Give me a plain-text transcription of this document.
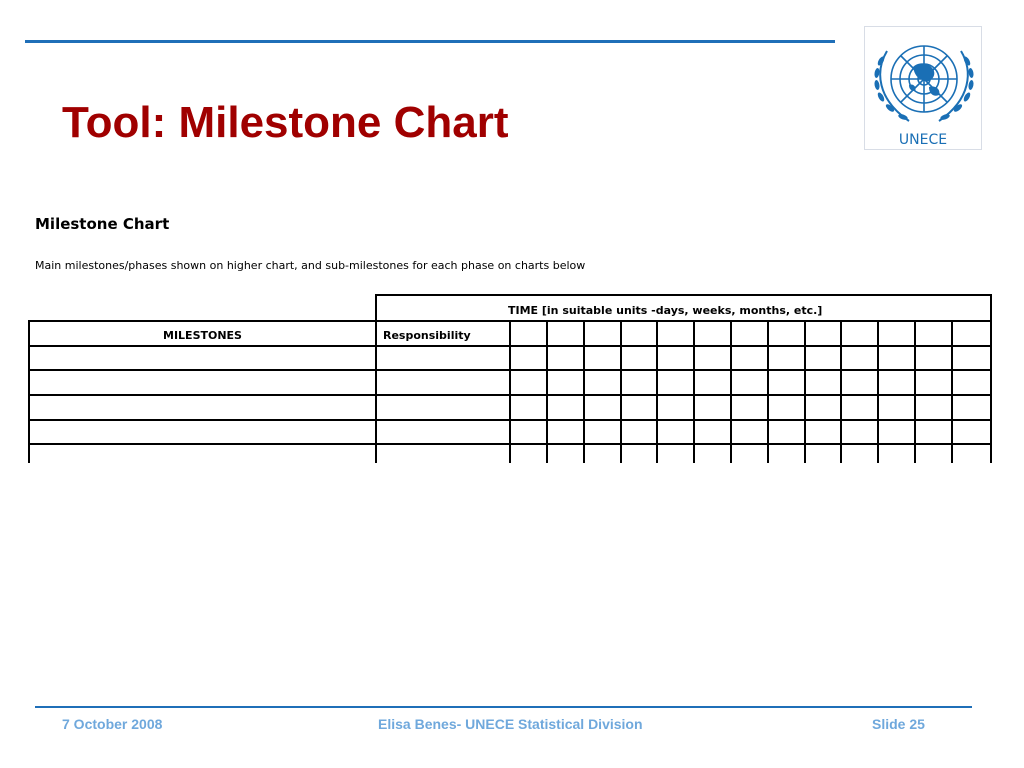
Tool: Milestone Chart	UNECE
Milestone Chart
Main milestones/phases shown on higher chart, and sub-milestones for each phase on charts below
TIME [in suitable units -days, weeks, months, etc.]
MILESTONES	Responsibility
7 October 2008	Elisa Benes- UNECE Statistical Division	Slide 25
